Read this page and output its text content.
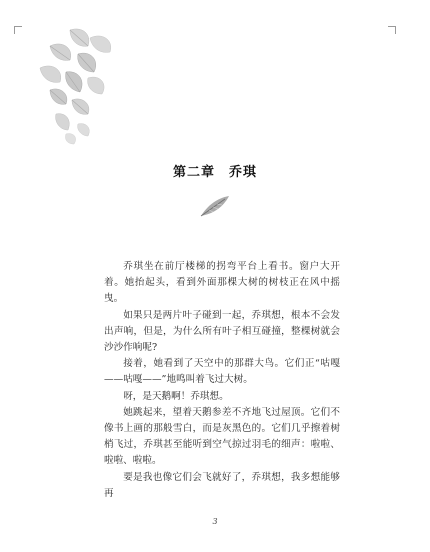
第二章　乔琪

乔琪坐在前厅楼梯的拐弯平台上看书。窗户大开着。她抬起头，看到外面那棵大树的树枝正在风中摇曳。

如果只是两片叶子碰到一起，乔琪想，根本不会发出声响，但是，为什么所有叶子相互碰撞，整棵树就会沙沙作响呢?

接着，她看到了天空中的那群大鸟。它们正“咕嘎——咕嘎——”地鸣叫着飞过大树。

呀，是天鹅啊！乔琪想。

她跳起来，望着天鹅参差不齐地飞过屋顶。它们不像书上画的那般雪白，而是灰黑色的。它们几乎擦着树梢飞过，乔琪甚至能听到空气掠过羽毛的细声：啦啦、啦啦、啦啦。

要是我也像它们会飞就好了，乔琪想，我多想能够再

3
